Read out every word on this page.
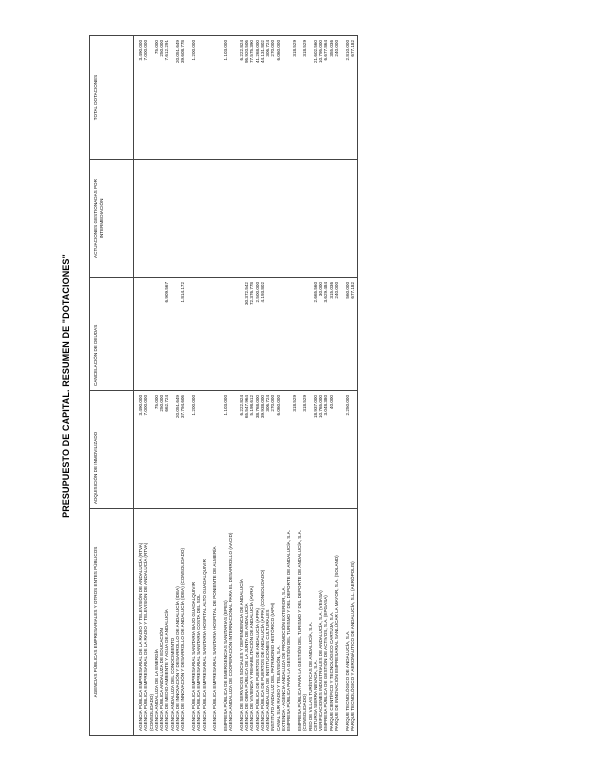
PRESUPUESTO DE CAPITAL. RESUMEN DE "DOTACIONES"
AGENCIAS PÚBLICAS EMPRESARIALES Y OTROS ENTES PÚBLICOS	ADQUISICIÓN DE INMOVILIZADO	CANCELACIÓN DE DEUDAS	ACTUACIONES GESTIONADAS POR INTERMEDIACIÓN	TOTAL DOTACIONES
AGENCIA PÚBLICA EMPRESARIAL DE LA RADIO Y TELEVISIÓN DE ANDALUCÍA (RTVA)	3.490.000			3.490.000

AGENCIA PÚBLICA EMPRESARIAL DE LA RADIO Y TELEVISIÓN DE ANDALUCÍA (RTVA) (CONSOLIDADO)	7.000.000			7.000.000

AGENCIA ANDALUZA DE LA ENERGÍA	75.000			75.000

AGENCIA PÚBLICA ANDALUZA DE EDUCACIÓN	250.000			250.000

AGENCIA DE MEDIO AMBIENTE Y AGUA DE ANDALUCÍA	662.724	6.909.567		7.612.291

AGENCIA ANDALUZA DEL CONOCIMIENTO	

AGENCIA DE INNOVACIÓN Y DESARROLLO DE ANDALUCÍA (IDEA)	20.051.649			20.051.649

AGENCIA DE INNOVACIÓN Y DESARROLLO DE ANDALUCÍA (IDEA) (CONSOLIDADO)	37.794.606	1.814.172		39.608.778

AGENCIA PÚBLICA EMPRESARIAL SANITARIA BAJO GUADALQUIVIR	1.200.000			1.200.000

AGENCIA PÚBLICA EMPRESARIAL SANITARIA COSTA DEL SOL	

AGENCIA PÚBLICA EMPRESARIAL SANITARIA HOSPITAL ALTO GUADALQUIVIR	

AGENCIA PÚBLICA EMPRESARIAL SANITARIA HOSPITAL DE PONIENTE DE ALMERÍA	

EMPRESA PÚBLICA DE EMERGENCIAS SANITARIAS (EPES)	1.103.000			1.103.000

AGENCIA ANDALUZA DE COOPERACIÓN INTERNACIONAL PARA EL DESARROLLO (AACID)	

AGENCIA DE SERVICIOS SOCIALES Y DEPENDENCIA DE ANDALUCÍA	6.222.824			6.222.824

AGENCIA DE OBRA PÚBLICA DE LA JUNTA DE ANDALUCÍA	65.547.964	30.372.542		95.920.506

AGENCIA DE VIVIENDA Y REHABILITACIÓN DE ANDALUCÍA (AVRA)	5.198.612	72.376.778		77.575.390

AGENCIA PÚBLICA DE PUERTOS DE ANDALUCÍA (APPA)	38.768.000	2.500.000		41.268.000

AGENCIA PÚBLICA DE PUERTOS DE ANDALUCÍA (APPA) (CONSOLIDADO)	39.938.000	4.193.802		44.131.802

AGENCIA ANDALUZA DE INSTITUCIONES CULTURALES	306.724			306.724

INSTITUTO ANDALUZ DEL PATRIMONIO HISTÓRICO (IAPH)	270.000			270.000

CANAL SUR RADIO Y TELEVISIÓN, S.A.	6.060.000			6.060.000

EXTENDA - AGENCIA ANDALUZA DE PROMOCIÓN EXTERIOR, S.A.	

EMPRESA PÚBLICA PARA LA GESTIÓN DEL TURISMO Y DEL DEPORTE DE ANDALUCÍA, S.A.	318.529			318.529

EMPRESA PÚBLICA PARA LA GESTIÓN DEL TURISMO Y DEL DEPORTE DE ANDALUCÍA, S.A. (CONSOLIDADO)	318.529			318.529

RED DE VILLAS TURÍSTICAS DE ANDALUCÍA, S.A.	

CETURSA SIERRA NEVADA, S.A.	18.937.000	2.665.560		21.602.560

VERIFICACIONES INDUSTRIALES DE ANDALUCÍA, S.A. (VEIASA)	10.765.000	30.000		10.795.000

EMPRESA PÚBLICA DE GESTIÓN DE ACTIVOS, S.A. (EPGASA)	3.048.380	3.629.484		6.677.864

PARQUE CIENTÍFICO Y TECNOLÓGICO CARTUJA, S.A.	40.000	315.036		355.036

PARQUE DE INNOVACIÓN EMPRESARIAL SANLÚCAR LA MAYOR, S.A. (SOLAND)		240.000		240.000

PARQUE TECNOLÓGICO DE ANDALUCÍA, S.A.	2.250.000	560.000		2.810.000

PARQUE TECNOLÓGICO Y AERONÁUTICO DE ANDALUCÍA, S.L. (AERÓPOLIS)		677.182		677.182
